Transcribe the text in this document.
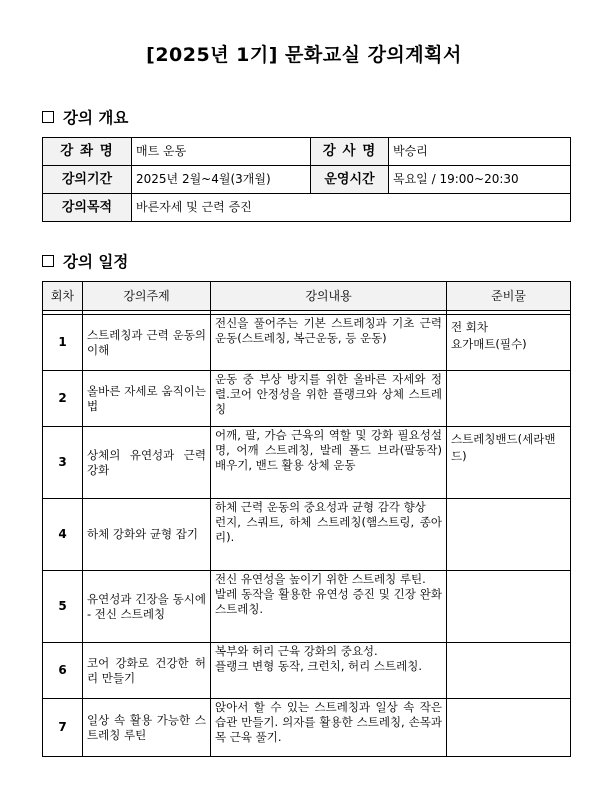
[2025년 1기] 문화교실 강의계획서
강의 개요
강 좌 명	매트 운동	강 사 명	박승리
강의기간	2025년 2월~4월(3개월)	운영시간	목요일 / 19:00~20:30
강의목적	바른자세 및 근력 증진		
강의 일정
회차	강의주제	강의내용	준비물

1	스트레칭과 근력 운동의 이해	전신을 풀어주는 기본 스트레칭과 기초 근력 운동(스트레칭, 복근운동, 등 운동)	전 회차
요가매트(필수)

2	올바른 자세로 움직이는 법	운동 중 부상 방지를 위한 올바른 자세와 정렬.코어 안정성을 위한 플랭크와 상체 스트레칭	

3	상체의 유연성과 근력 강화	어깨, 팔, 가슴 근육의 역할 및 강화 필요성설명, 어깨 스트레칭, 발레 폴드 브라(팔동작) 배우기, 밴드 활용 상체 운동	스트레칭밴드(세라밴드)

4	하체 강화와 균형 잡기	하체 근력 운동의 중요성과 균형 감각 향상
런지, 스쿼트, 하체 스트레칭(햄스트링, 종아리).	

5	유연성과 긴장을 동시에 - 전신 스트레칭	전신 유연성을 높이기 위한 스트레칭 루틴.
발레 동작을 활용한 유연성 증진 및 긴장 완화 스트레칭.	

6	코어 강화로 건강한 허리 만들기	복부와 허리 근육 강화의 중요성.
플랭크 변형 동작, 크런치, 허리 스트레칭.	

7	일상 속 활용 가능한 스트레칭 루틴	앉아서 할 수 있는 스트레칭과 일상 속 작은 습관 만들기. 의자를 활용한 스트레칭, 손목과 목 근육 풀기.	
